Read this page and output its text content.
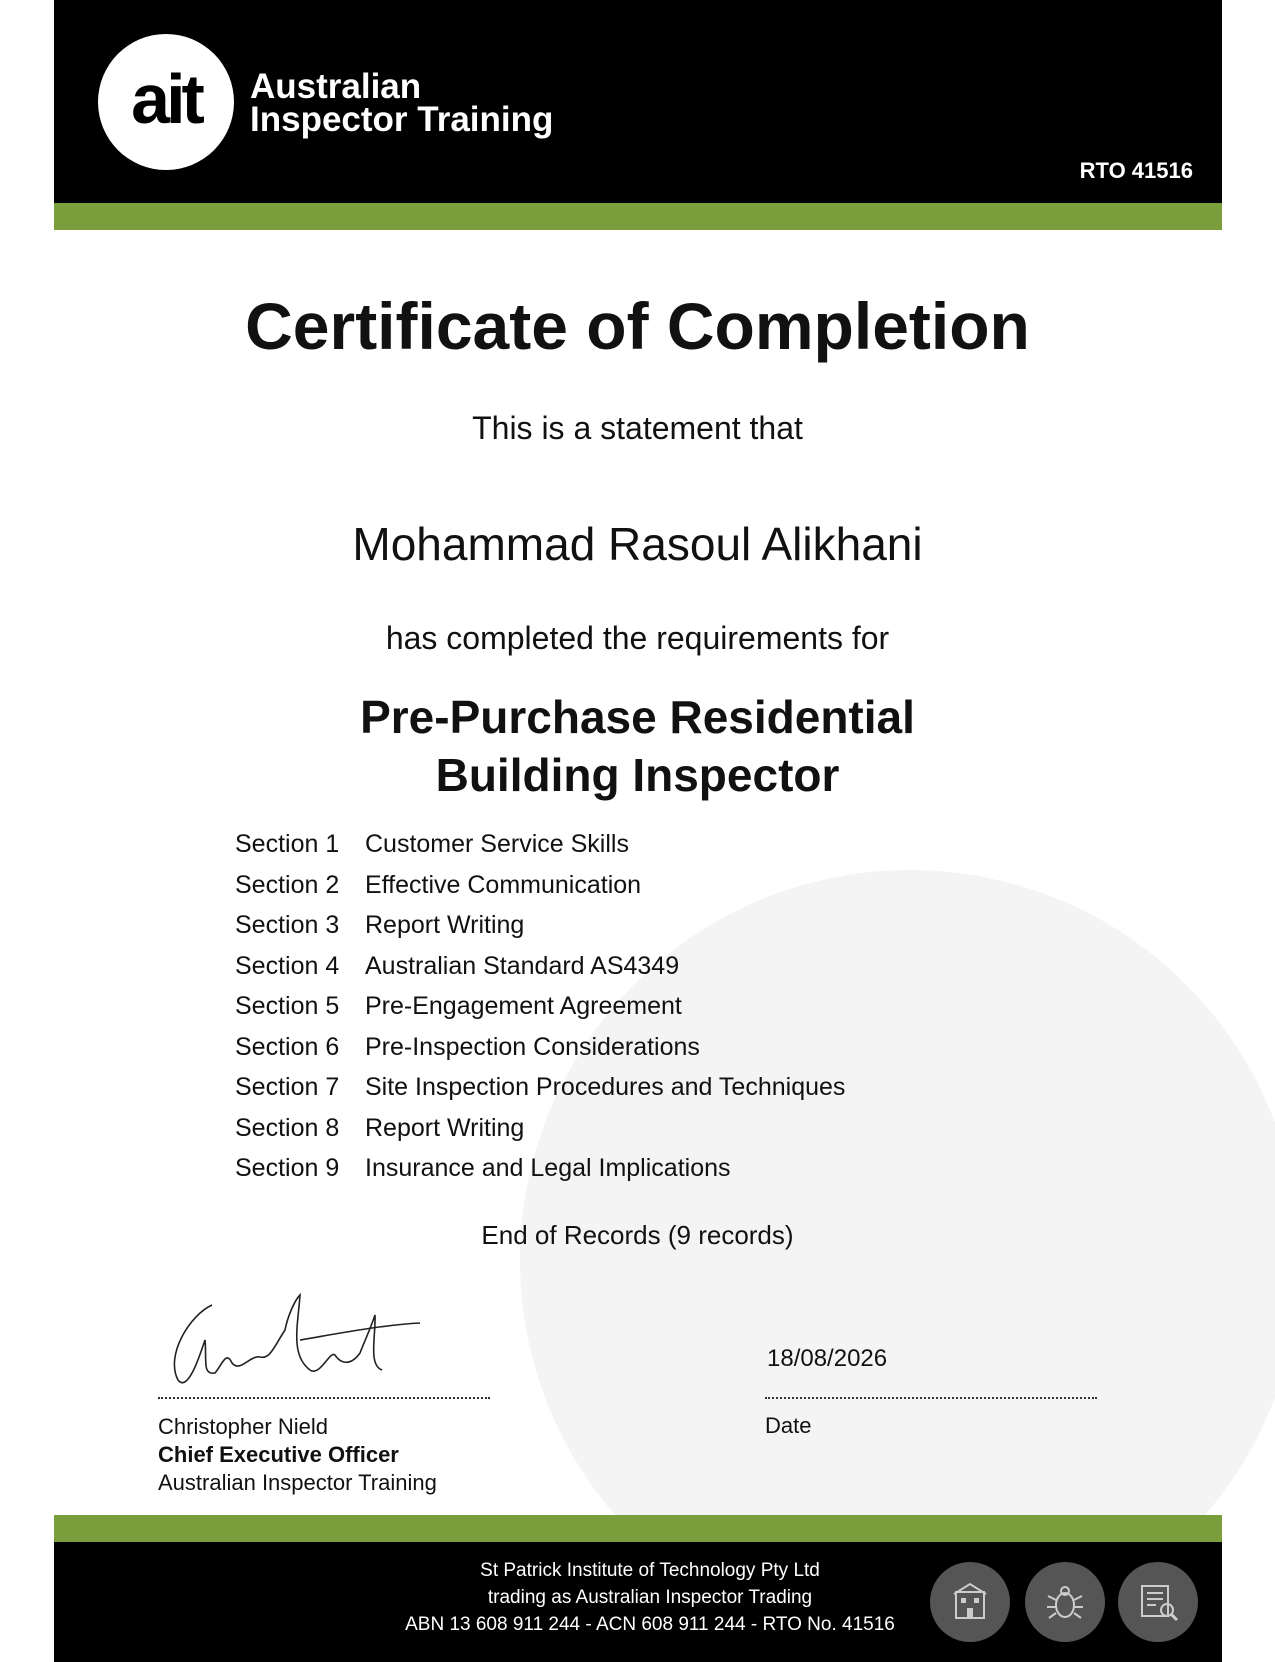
ait Australian
Inspector Training
RTO 41516
Certificate of Completion
This is a statement that
Mohammad Rasoul Alikhani
has completed the requirements for
Pre-Purchase Residential
Building Inspector
Section 1	Customer Service Skills
Section 2	Effective Communication
Section 3	Report Writing
Section 4	Australian Standard AS4349
Section 5	Pre-Engagement Agreement
Section 6	Pre-Inspection Considerations
Section 7	Site Inspection Procedures and Techniques
Section 8	Report Writing
Section 9	Insurance and Legal Implications
End of Records (9 records)
Christopher Nield
Chief Executive Officer
Australian Inspector Training
18/08/2026
Date
St Patrick Institute of Technology Pty Ltd
trading as Australian Inspector Trading
ABN 13 608 911 244 - ACN 608 911 244 - RTO No. 41516
